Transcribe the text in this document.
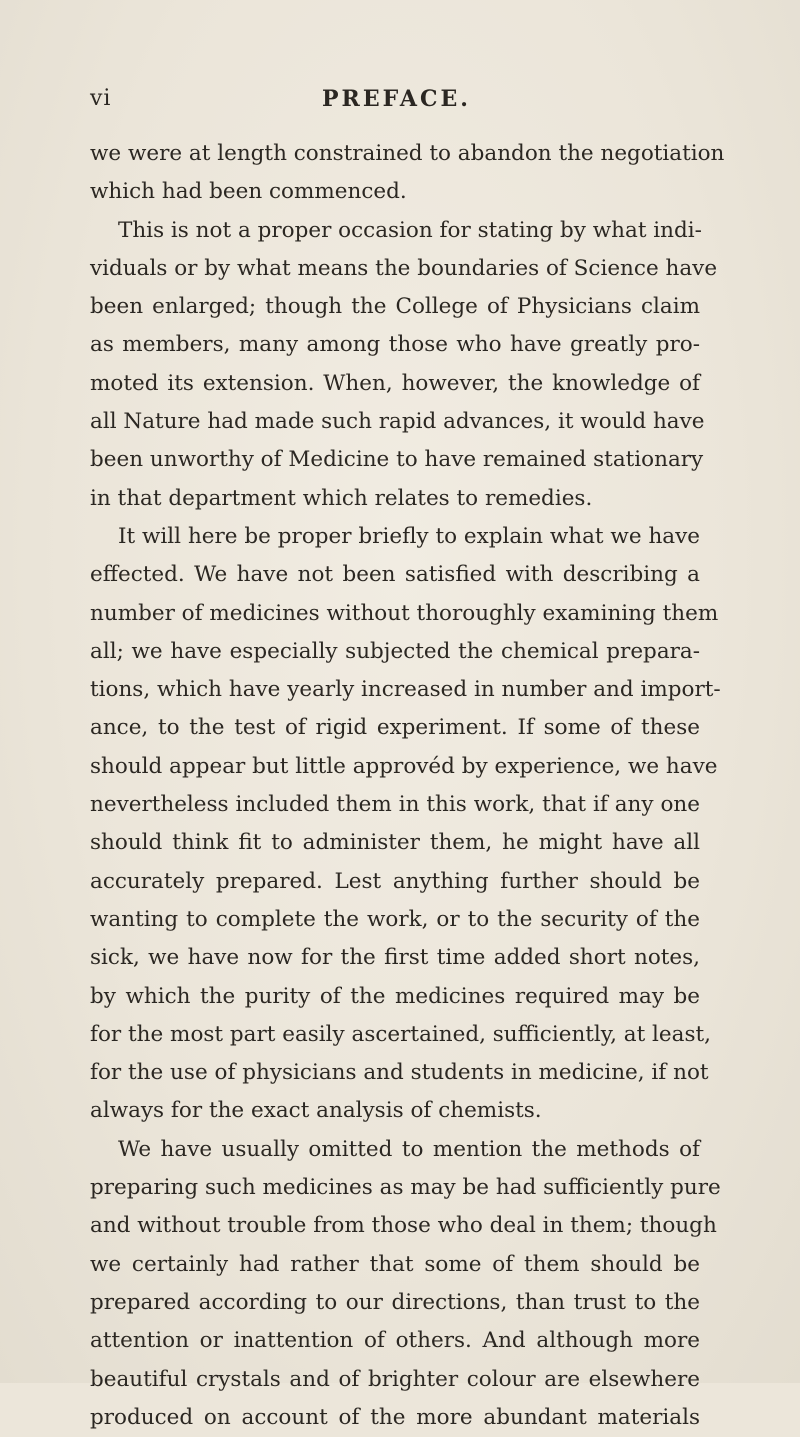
vi	PREFACE.
we were at length constrained to abandon the negotiation
which had been commenced.
This is not a proper occasion for stating by what indi-
viduals or by what means the boundaries of Science have
been enlarged; though the College of Physicians claim
as members, many among those who have greatly pro-
moted its extension. When, however, the knowledge of
all Nature had made such rapid advances, it would have
been unworthy of Medicine to have remained stationary
in that department which relates to remedies.
It will here be proper briefly to explain what we have
effected. We have not been satisfied with describing a
number of medicines without thoroughly examining them
all; we have especially subjected the chemical prepara-
tions, which have yearly increased in number and import-
ance, to the test of rigid experiment. If some of these
should appear but little approvéd by experience, we have
nevertheless included them in this work, that if any one
should think fit to administer them, he might have all
accurately prepared. Lest anything further should be
wanting to complete the work, or to the security of the
sick, we have now for the first time added short notes,
by which the purity of the medicines required may be
for the most part easily ascertained, sufficiently, at least,
for the use of physicians and students in medicine, if not
always for the exact analysis of chemists.
We have usually omitted to mention the methods of
preparing such medicines as may be had sufficiently pure
and without trouble from those who deal in them; though
we certainly had rather that some of them should be
prepared according to our directions, than trust to the
attention or inattention of others. And although more
beautiful crystals and of brighter colour are elsewhere
produced on account of the more abundant materials
